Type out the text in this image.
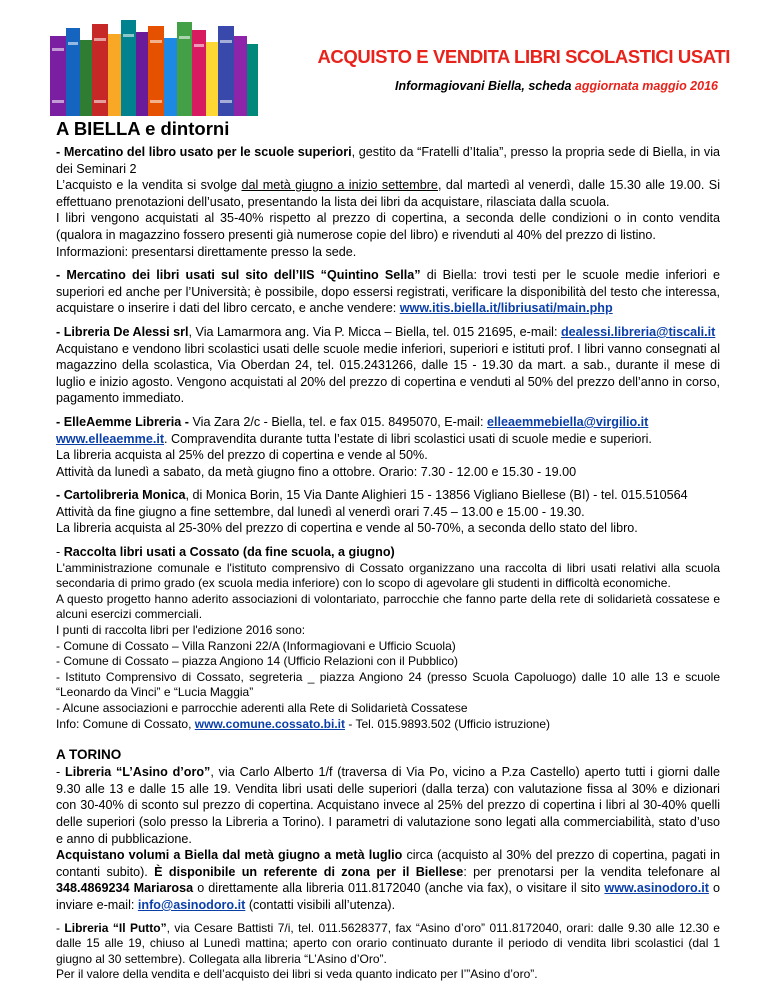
ACQUISTO E VENDITA LIBRI SCOLASTICI USATI
Informagiovani Biella, scheda aggiornata maggio 2016
A BIELLA e dintorni

- Mercatino del libro usato per le scuole superiori, gestito da “Fratelli d’Italia”, presso la propria sede di Biella, in via dei Seminari 2

L’acquisto e la vendita si svolge dal metà giugno a inizio settembre, dal martedì al venerdì, dalle 15.30 alle 19.00. Si effettuano prenotazioni dell’usato, presentando la lista dei libri da acquistare, rilasciata dalla scuola.

I libri vengono acquistati al 35-40% rispetto al prezzo di copertina, a seconda delle condizioni o in conto vendita (qualora in magazzino fossero presenti già numerose copie del libro) e rivenduti al 40% del prezzo di listino.

Informazioni: presentarsi direttamente presso la sede.

- Mercatino dei libri usati sul sito dell’IIS “Quintino Sella” di Biella: trovi testi per le scuole medie inferiori e superiori ed anche per l’Università; è possibile, dopo essersi registrati, verificare la disponibilità del testo che interessa, acquistare o inserire i dati del libro cercato, e anche vendere: www.itis.biella.it/libriusati/main.php

- Libreria De Alessi srl, Via Lamarmora ang. Via P. Micca – Biella, tel. 015 21695, e-mail: dealessi.libreria@tiscali.it

Acquistano e vendono libri scolastici usati delle scuole medie inferiori, superiori e istituti prof. I libri vanno consegnati al magazzino della scolastica, Via Oberdan 24, tel. 015.2431266, dalle 15 - 19.30 da mart. a sab., durante il mese di luglio e inizio agosto. Vengono acquistati al 20% del prezzo di copertina e venduti al 50% del prezzo dell’anno in corso, pagamento immediato.

- ElleAemme Libreria - Via Zara 2/c - Biella, tel. e fax 015. 8495070, E-mail: elleaemmebiella@virgilio.it
www.elleaemme.it. Compravendita durante tutta l’estate di libri scolastici usati di scuole medie e superiori.

La libreria acquista al 25% del prezzo di copertina e vende al 50%.

Attività da lunedì a sabato, da metà giugno fino a ottobre. Orario: 7.30 - 12.00 e 15.30 - 19.00

- Cartolibreria Monica, di Monica Borin, 15 Via Dante Alighieri 15 - 13856 Vigliano Biellese (BI) - tel. 015.510564

Attività da fine giugno a fine settembre, dal lunedì al venerdì orari 7.45 – 13.00 e 15.00 - 19.30.

La libreria acquista al 25-30% del prezzo di copertina e vende al 50-70%, a seconda dello stato del libro.

- Raccolta libri usati a Cossato (da fine scuola, a giugno)

L'amministrazione comunale e l'istituto comprensivo di Cossato organizzano una raccolta di libri usati relativi alla scuola secondaria di primo grado (ex scuola media inferiore) con lo scopo di agevolare gli studenti in difficoltà economiche.

A questo progetto hanno aderito associazioni di volontariato, parrocchie che fanno parte della rete di solidarietà cossatese e alcuni esercizi commerciali.

I punti di raccolta libri per l'edizione 2016 sono:

- Comune di Cossato – Villa Ranzoni 22/A (Informagiovani e Ufficio Scuola)

- Comune di Cossato – piazza Angiono 14 (Ufficio Relazioni con il Pubblico)

- Istituto Comprensivo di Cossato, segreteria _ piazza Angiono 24 (presso Scuola Capoluogo) dalle 10 alle 13 e scuole “Leonardo da Vinci” e “Lucia Maggia”

- Alcune associazioni e parrocchie aderenti alla Rete di Solidarietà Cossatese

Info: Comune di Cossato, www.comune.cossato.bi.it - Tel. 015.9893.502 (Ufficio istruzione)

A TORINO

- Libreria “L’Asino d’oro”, via Carlo Alberto 1/f (traversa di Via Po, vicino a P.za Castello) aperto tutti i giorni dalle 9.30 alle 13 e dalle 15 alle 19. Vendita libri usati delle superiori (dalla terza) con valutazione fissa al 30% e dizionari con 30-40% di sconto sul prezzo di copertina. Acquistano invece al 25% del prezzo di copertina i libri al 30-40% quelli delle superiori (solo presso la Libreria a Torino). I parametri di valutazione sono legati alla commerciabilità, stato d’uso e anno di pubblicazione.

Acquistano volumi a Biella dal metà giugno a metà luglio circa (acquisto al 30% del prezzo di copertina, pagati in contanti subito). È disponibile un referente di zona per il Biellese: per prenotarsi per la vendita telefonare al 348.4869234 Mariarosa o direttamente alla libreria 011.8172040 (anche via fax), o visitare il sito www.asinodoro.it o inviare e-mail: info@asinodoro.it (contatti visibili all’utenza).

- Libreria “Il Putto”, via Cesare Battisti 7/i, tel. 011.5628377, fax “Asino d’oro” 011.8172040, orari: dalle 9.30 alle 12.30 e dalle 15 alle 19, chiuso al Lunedì mattina; aperto con orario continuato durante il periodo di vendita libri scolastici (dal 1 giugno al 30 settembre). Collegata alla libreria “L’Asino d’Oro”.

Per il valore della vendita e dell’acquisto dei libri si veda quanto indicato per l’”Asino d’oro”.
